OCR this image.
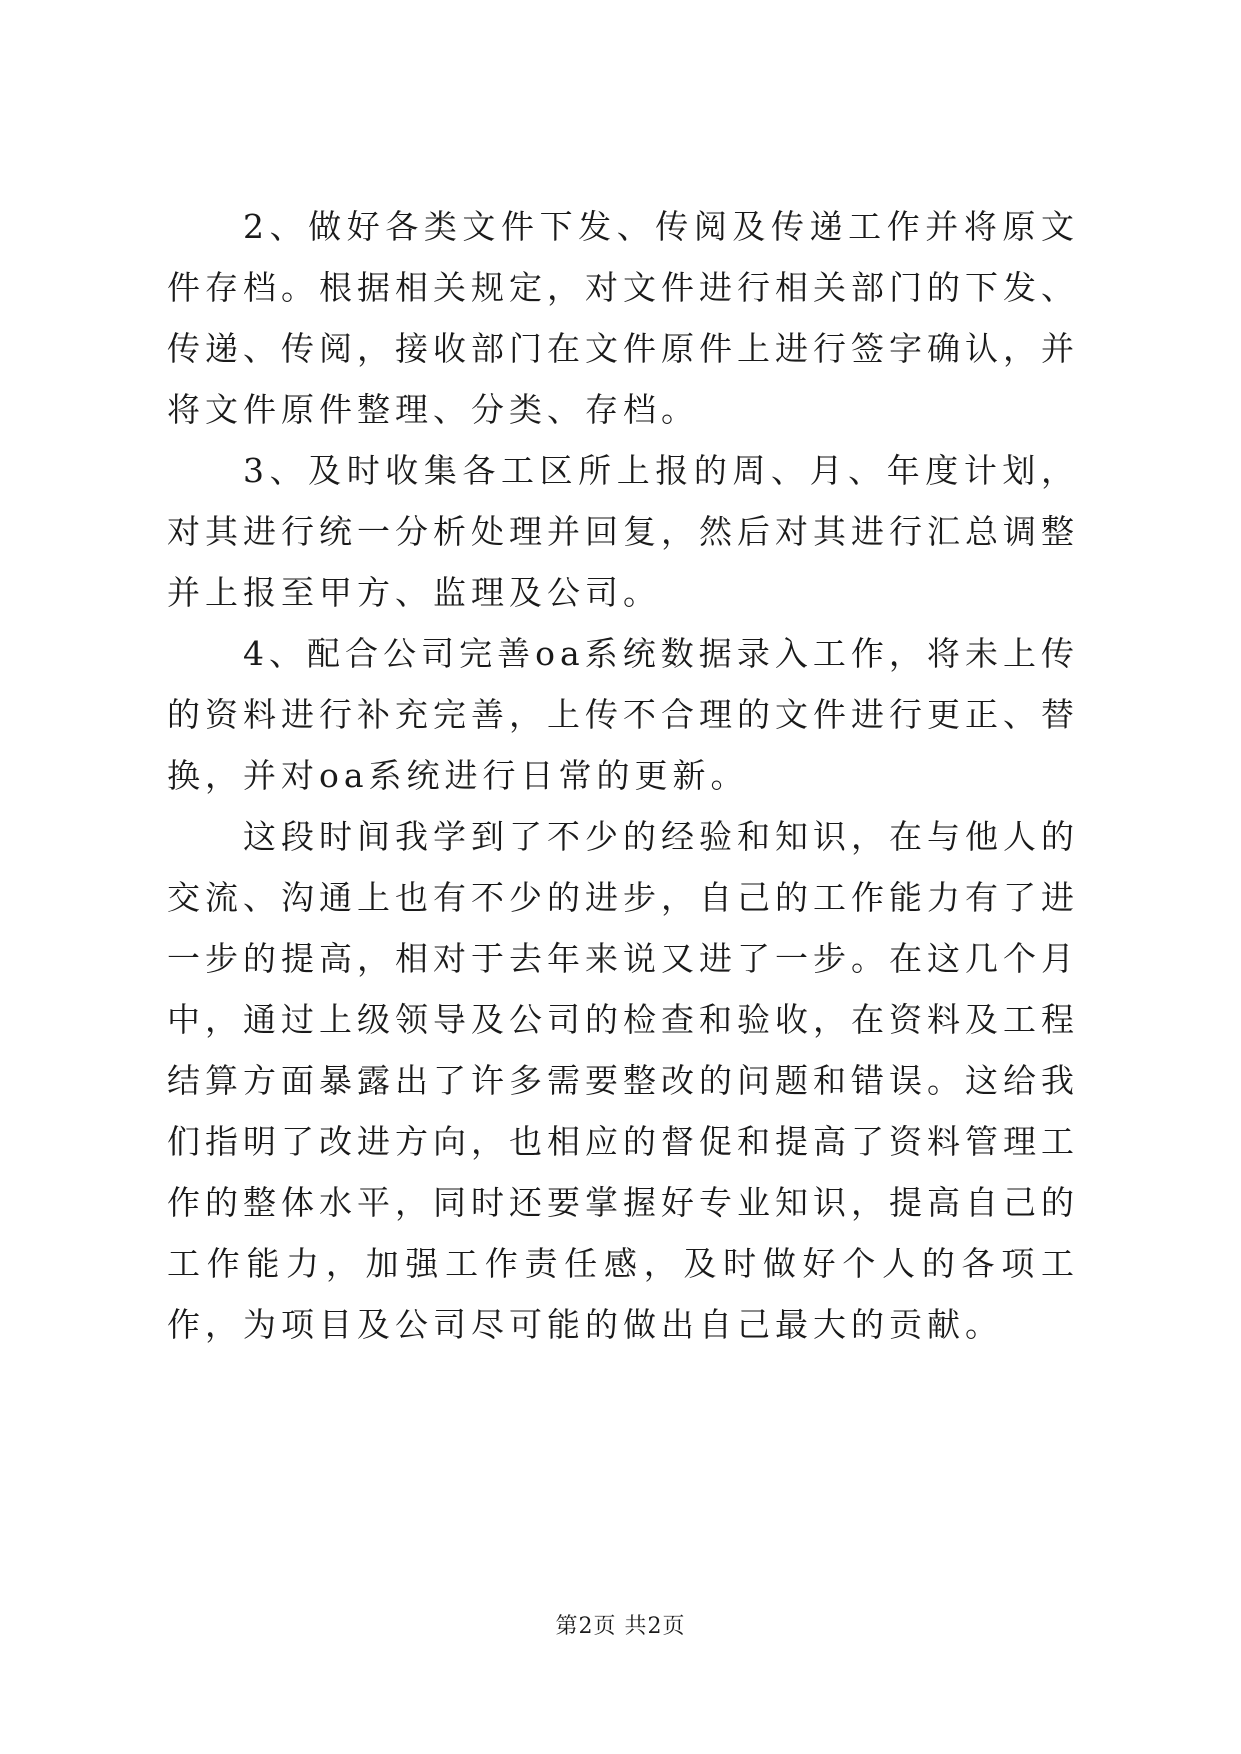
2、做好各类文件下发、传阅及传递工作并将原文件存档。根据相关规定，对文件进行相关部门的下发、传递、传阅，接收部门在文件原件上进行签字确认，并将文件原件整理、分类、存档。

3、及时收集各工区所上报的周、月、年度计划，对其进行统一分析处理并回复，然后对其进行汇总调整并上报至甲方、监理及公司。

4、配合公司完善oa系统数据录入工作，将未上传的资料进行补充完善，上传不合理的文件进行更正、替换，并对oa系统进行日常的更新。

这段时间我学到了不少的经验和知识，在与他人的交流、沟通上也有不少的进步，自己的工作能力有了进一步的提高，相对于去年来说又进了一步。在这几个月中，通过上级领导及公司的检查和验收，在资料及工程结算方面暴露出了许多需要整改的问题和错误。这给我们指明了改进方向，也相应的督促和提高了资料管理工作的整体水平，同时还要掌握好专业知识，提高自己的工作能力，加强工作责任感，及时做好个人的各项工作，为项目及公司尽可能的做出自己最大的贡献。

第2页 共2页
